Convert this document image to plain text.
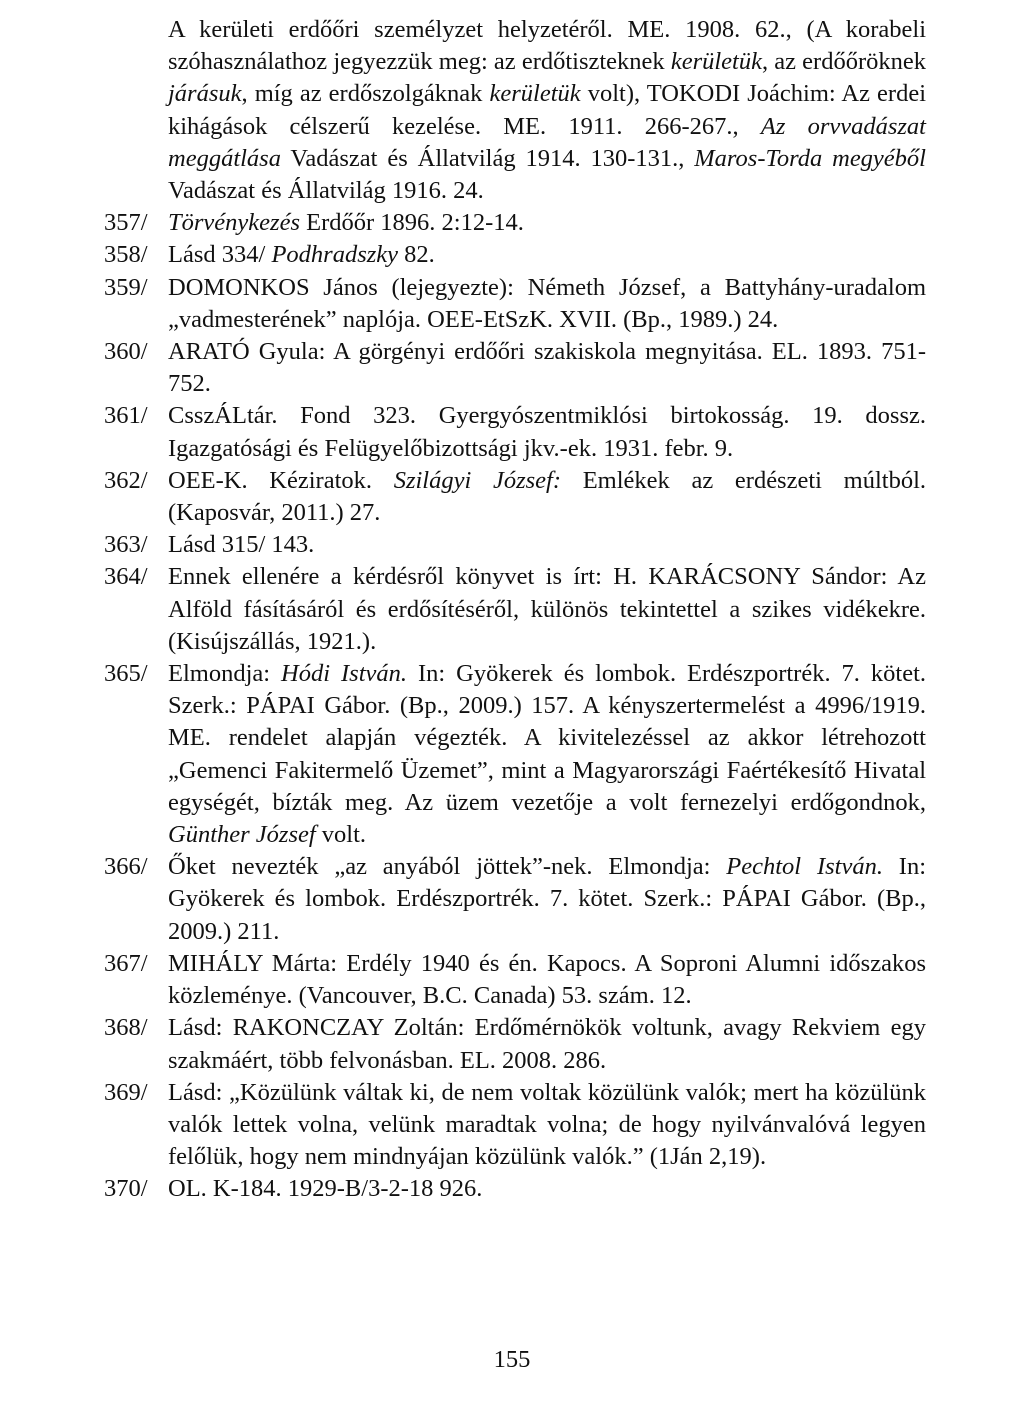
A kerületi erdőőri személyzet helyzetéről. ME. 1908. 62., (A korabeli szóhasználathoz jegyezzük meg: az erdőtiszteknek kerületük, az erdőőröknek járásuk, míg az erdőszolgáknak kerületük volt), TOKODI Joáchim: Az erdei kihágások célszerű kezelése. ME. 1911. 266-267., Az orvvadászat meggátlása Vadászat és Állatvilág 1914. 130-131., Maros-Torda megyéből Vadászat és Állatvilág 1916. 24.
357/ Törvénykezés Erdőőr 1896. 2:12-14.
358/ Lásd 334/ Podhradszky 82.
359/ DOMONKOS János (lejegyezte): Németh József, a Battyhány-uradalom „vadmesterének” naplója. OEE-EtSzK. XVII. (Bp., 1989.) 24.
360/ ARATÓ Gyula: A görgényi erdőőri szakiskola megnyitása. EL. 1893. 751-752.
361/ CsszÁLtár. Fond 323. Gyergyószentmiklósi birtokosság. 19. dossz. Igazgatósági és Felügyelőbizottsági jkv.-ek. 1931. febr. 9.
362/ OEE-K. Kéziratok. Szilágyi József: Emlékek az erdészeti múltból. (Kaposvár, 2011.) 27.
363/ Lásd 315/ 143.
364/ Ennek ellenére a kérdésről könyvet is írt: H. KARÁCSONY Sándor: Az Alföld fásításáról és erdősítéséről, különös tekintettel a szikes vidékekre. (Kisújszállás, 1921.).
365/ Elmondja: Hódi István. In: Gyökerek és lombok. Erdészportrék. 7. kötet. Szerk.: PÁPAI Gábor. (Bp., 2009.) 157. A kényszertermelést a 4996/1919. ME. rendelet alapján végezték. A kivitelezéssel az akkor létrehozott „Gemenci Fakitermelő Üzemet”, mint a Magyarországi Faértékesítő Hivatal egységét, bízták meg. Az üzem vezetője a volt fernezelyi erdőgondnok, Günther József volt.
366/ Őket nevezték „az anyából jöttek”-nek. Elmondja: Pechtol István. In: Gyökerek és lombok. Erdészportrék. 7. kötet. Szerk.: PÁPAI Gábor. (Bp., 2009.) 211.
367/ MIHÁLY Márta: Erdély 1940 és én. Kapocs. A Soproni Alumni időszakos közleménye. (Vancouver, B.C. Canada) 53. szám. 12.
368/ Lásd: RAKONCZAY Zoltán: Erdőmérnökök voltunk, avagy Rekviem egy szakmáért, több felvonásban. EL. 2008. 286.
369/ Lásd: „Közülünk váltak ki, de nem voltak közülünk valók; mert ha közülünk valók lettek volna, velünk maradtak volna; de hogy nyilvánvalóvá legyen felőlük, hogy nem mindnyájan közülünk valók.” (1Ján 2,19).
370/ OL. K-184. 1929-B/3-2-18 926.
155
